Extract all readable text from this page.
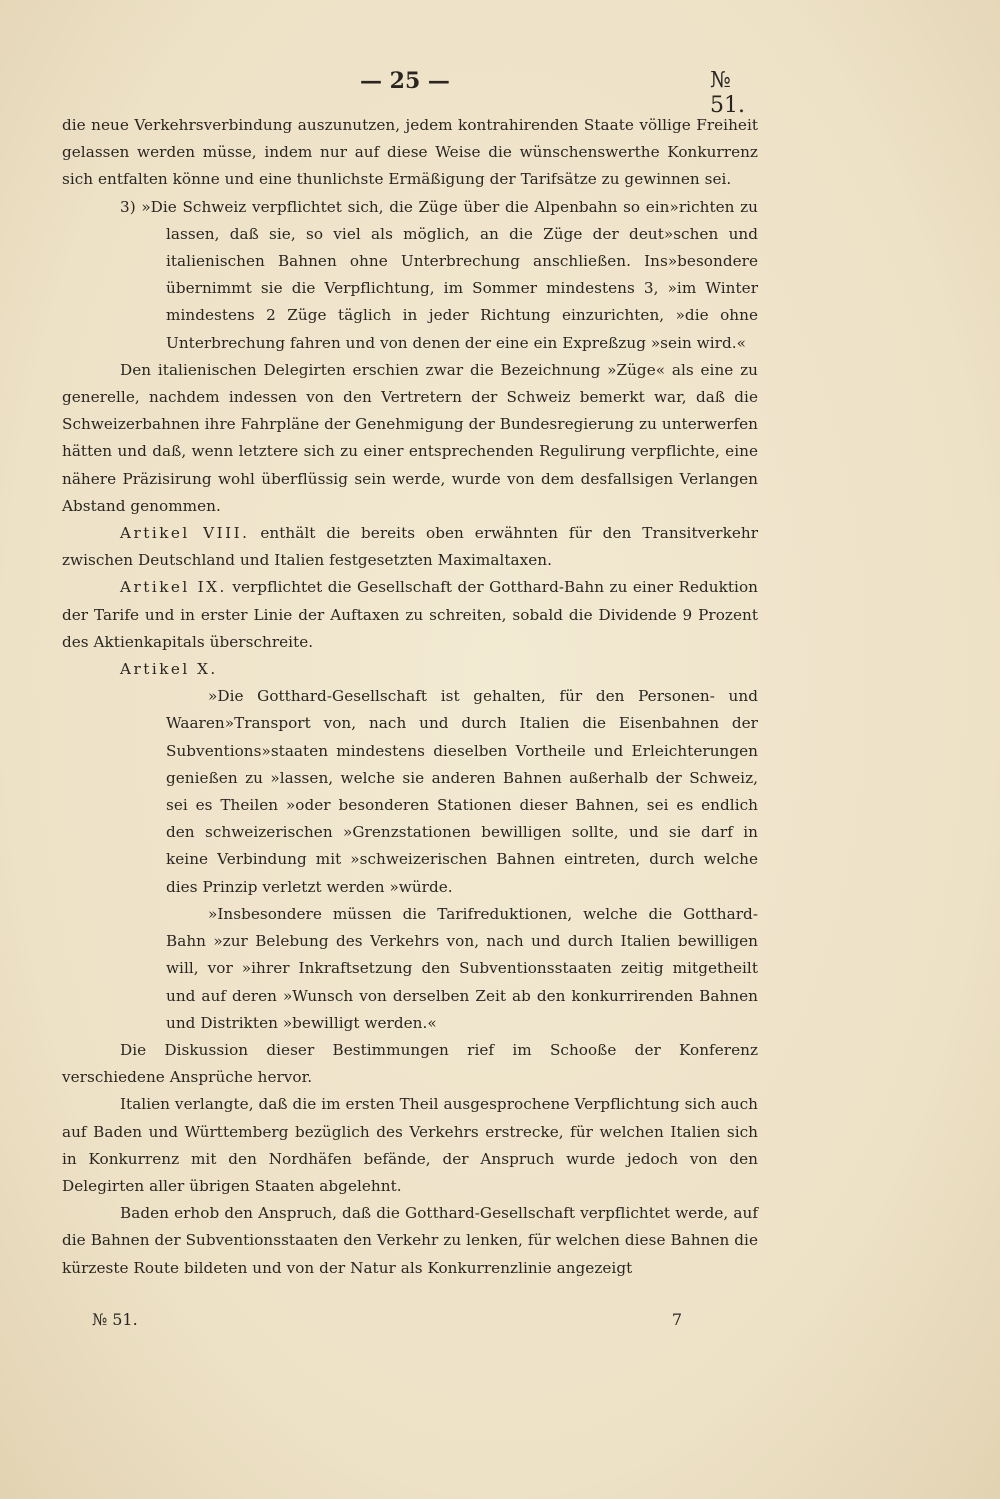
— 25 —	№ 51.

die neue Verkehrsverbindung auszunutzen, jedem kontrahirenden Staate völlige Freiheit gelassen werden müsse, indem nur auf diese Weise die wünschenswerthe Konkurrenz sich entfalten könne und eine thunlichste Ermäßigung der Tarifsätze zu gewinnen sei.

3) »Die Schweiz verpflichtet sich, die Züge über die Alpenbahn so ein»richten zu lassen, daß sie, so viel als möglich, an die Züge der deut»schen und italienischen Bahnen ohne Unterbrechung anschließen. Ins»besondere übernimmt sie die Verpflichtung, im Sommer mindestens 3, »im Winter mindestens 2 Züge täglich in jeder Richtung einzurichten, »die ohne Unterbrechung fahren und von denen der eine ein Expreßzug »sein wird.«

Den italienischen Delegirten erschien zwar die Bezeichnung »Züge« als eine zu generelle, nachdem indessen von den Vertretern der Schweiz bemerkt war, daß die Schweizerbahnen ihre Fahrpläne der Genehmigung der Bundesregierung zu unterwerfen hätten und daß, wenn letztere sich zu einer entsprechenden Regulirung verpflichte, eine nähere Präzisirung wohl überflüssig sein werde, wurde von dem desfallsigen Verlangen Abstand genommen.

Artikel VIII. enthält die bereits oben erwähnten für den Transitverkehr zwischen Deutschland und Italien festgesetzten Maximaltaxen.

Artikel IX. verpflichtet die Gesellschaft der Gotthard-Bahn zu einer Reduktion der Tarife und in erster Linie der Auftaxen zu schreiten, sobald die Dividende 9 Prozent des Aktienkapitals überschreite.

Artikel X.

»Die Gotthard-Gesellschaft ist gehalten, für den Personen- und Waaren»Transport von, nach und durch Italien die Eisenbahnen der Subventions»staaten mindestens dieselben Vortheile und Erleichterungen genießen zu »lassen, welche sie anderen Bahnen außerhalb der Schweiz, sei es Theilen »oder besonderen Stationen dieser Bahnen, sei es endlich den schweizerischen »Grenzstationen bewilligen sollte, und sie darf in keine Verbindung mit »schweizerischen Bahnen eintreten, durch welche dies Prinzip verletzt werden »würde.

»Insbesondere müssen die Tarifreduktionen, welche die Gotthard-Bahn »zur Belebung des Verkehrs von, nach und durch Italien bewilligen will, vor »ihrer Inkraftsetzung den Subventionsstaaten zeitig mitgetheilt und auf deren »Wunsch von derselben Zeit ab den konkurrirenden Bahnen und Distrikten »bewilligt werden.«

Die Diskussion dieser Bestimmungen rief im Schooße der Konferenz verschiedene Ansprüche hervor.

Italien verlangte, daß die im ersten Theil ausgesprochene Verpflichtung sich auch auf Baden und Württemberg bezüglich des Verkehrs erstrecke, für welchen Italien sich in Konkurrenz mit den Nordhäfen befände, der Anspruch wurde jedoch von den Delegirten aller übrigen Staaten abgelehnt.

Baden erhob den Anspruch, daß die Gotthard-Gesellschaft verpflichtet werde, auf die Bahnen der Subventionsstaaten den Verkehr zu lenken, für welchen diese Bahnen die kürzeste Route bildeten und von der Natur als Konkurrenzlinie angezeigt

№ 51.	7
